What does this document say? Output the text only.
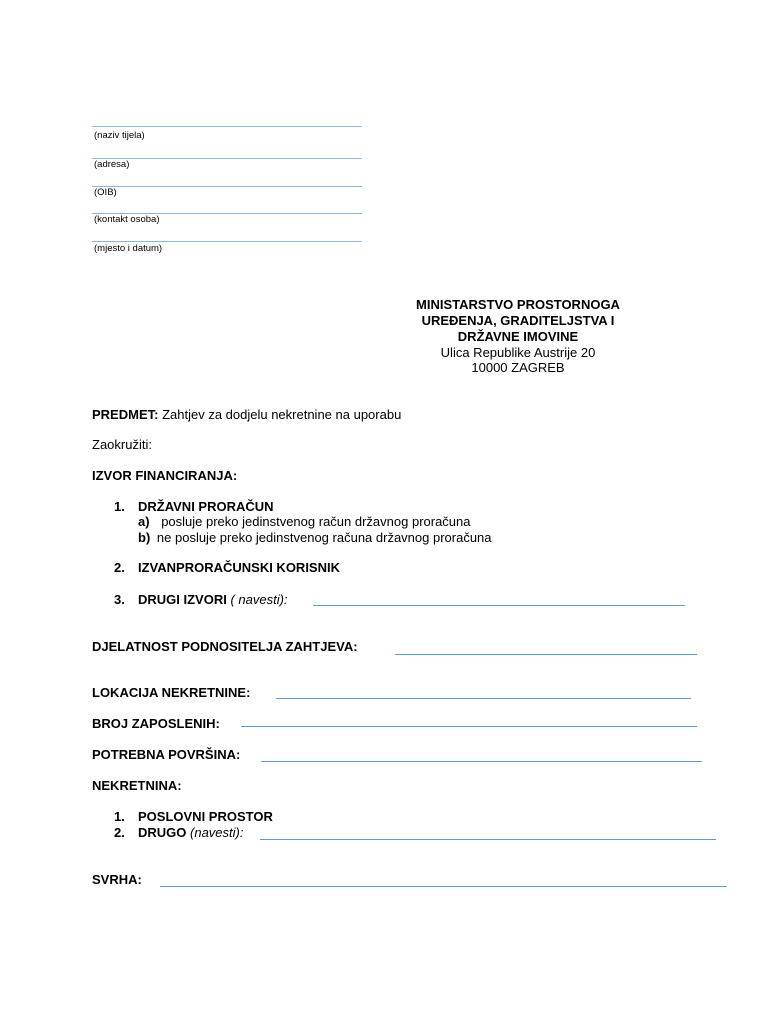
(naziv tijela)
(adresa)
(OIB)
(kontakt osoba)
(mjesto i datum)
MINISTARSTVO PROSTORNOGA
UREĐENJA, GRADITELJSTVA I
DRŽAVNE IMOVINE
Ulica Republike Austrije 20
10000 ZAGREB
PREDMET: Zahtjev za dodjelu nekretnine na uporabu
Zaokružiti:
IZVOR FINANCIRANJA:
1. DRŽAVNI PRORAČUN
a) posluje preko jedinstvenog račun državnog proračuna
b) ne posluje preko jedinstvenog računa državnog proračuna
2. IZVANPRORAČUNSKI KORISNIK
3. DRUGI IZVORI ( navesti):
DJELATNOST PODNOSITELJA ZAHTJEVA:
LOKACIJA NEKRETNINE:
BROJ ZAPOSLENIH:
POTREBNA POVRŠINA:
NEKRETNINA:
1. POSLOVNI PROSTOR
2. DRUGO (navesti):
SVRHA:
